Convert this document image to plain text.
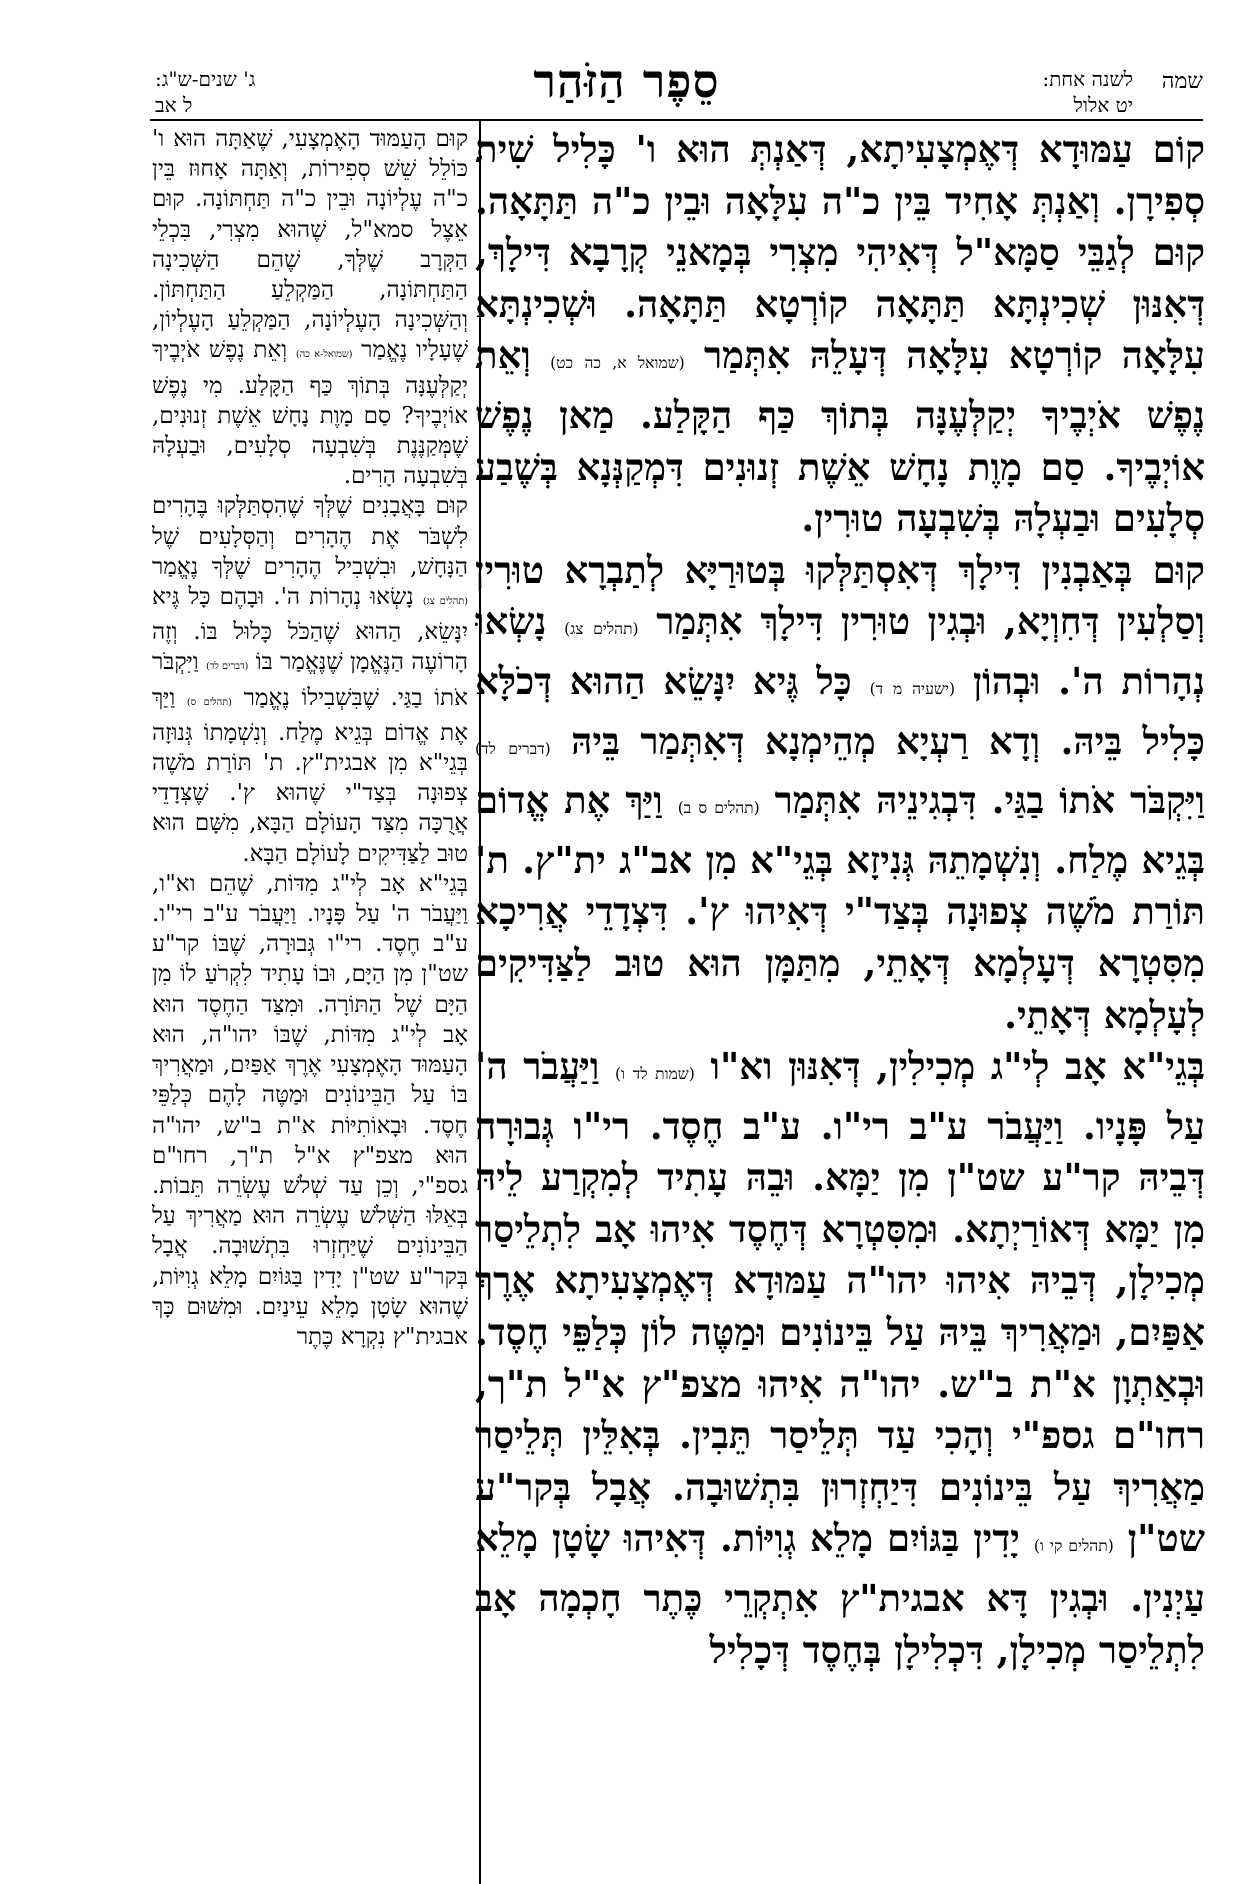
שמה
לשנה אחת:
יט אלול
סֵפֶר הַזֹּהַר
ג' שנים-ש"ג:
ל אב

קוֹם עַמּוּדָא דְּאֶמְצָעִיתָא, דְּאַנְתְּ הוּא ו' כָּלִיל שִׁית סְפִירָן. וְאַנְתְּ אָחִיד בֵּין כ"ה עִלָּאָה וּבֵין כ"ה תַּתָּאָה. קוּם לְגַבֵּי סַמָּא"ל דְּאִיהִי מִצְרִי בְּמָאנֵי קְרָבָא דִּילָךְ, דְּאִנּוּן שְׁכִינְתָּא תַּתָּאָה קוֹרְטָא תַּתָּאָה. וּשְׁכִינְתָּא עִלָּאָה קוֹרְטָא עִלָּאָה דְּעָלֵהּ אִתְּמַר (שמואל א, כה כט) וְאֵת נֶפֶשׁ אֹיְבֶיךָ יְקַלְּעֶנָּה בְּתוֹךְ כַּף הַקָּלַע. מַאן נֶפֶשׁ אוֹיְבֶיךָ. סַם מָוֶת נָחָשׁ אֵשֶׁת זְנוּנִים דִּמְקַנְּנָא בְּשֶׁבַע סְלָעִים וּבַעְלָהּ בְּשִׁבְעָה טוּרִין.

קוּם בְּאַבְנִין דִּילָךְ דְּאִסְתַּלְּקוּ בְּטוּרַיָּא לְתַבְרָא טוּרִין וְסַלְעִין דְּחִוְיָא, וּבְגִין טוּרִין דִּילָךְ אִתְּמַר (תהלים צג) נָשְׂאוּ נְהָרוֹת ה'. וּבְהוֹן (ישעיה מ ד) כָּל גֶּיא יִנָּשֵׂא הַהוּא דְּכֹלָּא כָּלִיל בֵּיהּ. וְדָא רַעְיָא מְהֵימְנָא דְּאִתְּמַר בֵּיהּ (דברים לד) וַיִּקְבֹּר אֹתוֹ בַגַּי. דִּבְגִינֵיהּ אִתְּמַר (תהלים ס ב) וַיַּךְ אֶת אֱדוֹם בְּגֵיא מֶלַח. וְנִשְׁמָתֵהּ גְּנִיזָא בְּגֵי"א מִן אב"ג ית"ץ. ת' תּוֹרַת מֹשֶׁה צְפוּנָה בְּצַד"י דְּאִיהוּ ץ'. דִּצְדָדֵי אֲרִיכָא מִסִּטְרָא דְּעָלְמָא דְּאָתֵי, מִתַּמָּן הוּא טוּב לַצַּדִּיקִים לְעָלְמָא דְּאָתֵי.

בְּגֵי"א אָב לְי"ג מְכִילִין, דְּאִנּוּן וא"ו (שמות לד ו) וַיַּעֲבֹר ה' עַל פָּנָיו. וַיַּעֲבֹר ע"ב רי"ו. ע"ב חֶסֶד. רי"ו גְּבוּרָה דְּבֵיהּ קר"ע שט"ן מִן יַמָּא. וּבֵהּ עָתִיד לְמִקְרַע לֵיהּ מִן יַמָּא דְּאוֹרַיְתָא. וּמִסִּטְרָא דְּחֶסֶד אִיהוּ אָב לִתְלֵיסַר מְכִילָן, דְּבֵיהּ אִיהוּ יהו"ה עַמּוּדָא דְּאֶמְצָעִיתָא אֶרֶךְ אַפַּיִם, וּמַאֲרִיךְ בֵּיהּ עַל בֵּינוֹנִים וּמַטֶּה לוֹן כְּלַפֵּי חֶסֶד. וּבְאַתְוָן א"ת ב"ש. יהו"ה אִיהוּ מצפ"ץ א"ל ת"ך, רחו"ם גספ"י וְהָכִי עַד תְּלֵיסַר תֵּבִין. בְּאִלֵּין תְּלֵיסַר מַאֲרִיךְ עַל בֵּינוֹנִים דִּיַחְזְרוּן בִּתְשׁוּבָה. אֲבָל בְּקר"ע שט"ן (תהלים קי ו) יָדִין בַּגּוֹיִם מָלֵא גְוִיּוֹת. דְּאִיהוּ שָׂטָן מָלֵא עַיְנִין. וּבְגִין דָּא אבגית"ץ אִתְקְרֵי כֶּתֶר חָכְמָה אָב לִתְלֵיסַר מְכִילָן, דִּכְלִילָן בְּחֶסֶד דְּכָלִיל

קוּם הָעַמּוּד הָאֶמְצָעִי, שֶׁאַתָּה הוּא ו' כּוֹלֵל שֵׁשׁ סְפִירוֹת, וְאַתָּה אָחוּז בֵּין כ"ה עֶלְיוֹנָה וּבֵין כ"ה תַּחְתּוֹנָה. קוּם אֵצֶל סמא"ל, שֶׁהוּא מִצְרִי, בִּכְלֵי הַקְּרָב שֶׁלְּךָ, שֶׁהֵם הַשְּׁכִינָה הַתַּחְתּוֹנָה, הַמַּקְלֵעַ הַתַּחְתּוֹן. וְהַשְּׁכִינָה הָעֶלְיוֹנָה, הַמַּקְלֵעַ הָעֶלְיוֹן, שֶׁעָלָיו נֶאֱמַר (שמואל-א כה) וְאֵת נֶפֶשׁ אֹיְבֶיךָ יְקַלְּעֶנָּה בְּתוֹךְ כַּף הַקָּלַע. מִי נֶפֶשׁ אוֹיְבֶיךָ? סַם מָוֶת נָחָשׁ אֵשֶׁת זְנוּנִים, שֶׁמְּקַנֶּנֶת בְּשִׁבְעָה סְלָעִים, וּבַעְלָהּ בְּשִׁבְעָה הָרִים.

קוּם בָּאֲבָנִים שֶׁלְּךָ שֶׁהִסְתַּלְּקוּ בֶּהָרִים לִשְׁבֹּר אֶת הֶהָרִים וְהַסְּלָעִים שֶׁל הַנָּחָשׁ, וּבִשְׁבִיל הֶהָרִים שֶׁלְּךָ נֶאֱמַר (תהלים צג) נָשְׂאוּ נְהָרוֹת ה'. וּבָהֶם כָּל גֶּיא יִנָּשֵׂא, הַהוּא שֶׁהַכֹּל כָּלוּל בּוֹ. וְזֶה הָרוֹעֶה הַנֶּאֱמָן שֶׁנֶּאֱמַר בּוֹ (דברים לד) וַיִּקְבֹּר אֹתוֹ בַגַּי. שֶׁבִּשְׁבִילוֹ נֶאֱמַר (תהלים ס) וַיַּךְ אֶת אֱדוֹם בְּגֵיא מֶלַח. וְנִשְׁמָתוֹ גְּנוּזָה בְּגֵי"א מִן אבגית"ץ. ת' תּוֹרַת מֹשֶׁה צְפוּנָה בְּצַד"י שֶׁהוּא ץ'. שֶׁצְּדָדֵי אֲרֻכָּה מִצַּד הָעוֹלָם הַבָּא, מִשָּׁם הוּא טוּב לַצַּדִּיקִים לָעוֹלָם הַבָּא.

בְּגֵי"א אָב לְי"ג מִדּוֹת, שֶׁהֵם וא"ו, וַיַּעֲבֹר ה' עַל פָּנָיו. וַיַּעֲבֹר ע"ב רי"ו. ע"ב חֶסֶד. רי"ו גְּבוּרָה, שֶׁבּוֹ קר"ע שט"ן מִן הַיָּם, וּבוֹ עָתִיד לִקְרֹעַ לוֹ מִן הַיָּם שֶׁל הַתּוֹרָה. וּמִצַּד הַחֶסֶד הוּא אָב לְי"ג מִדּוֹת, שֶׁבּוֹ יהו"ה, הוּא הָעַמּוּד הָאֶמְצָעִי אֶרֶךְ אַפַּיִם, וּמַאֲרִיךְ בּוֹ עַל הַבֵּינוֹנִים וּמַטֶּה לָהֶם כְּלַפֵּי חֶסֶד. וּבָאוֹתִיּוֹת א"ת ב"ש, יהו"ה הוּא מצפ"ץ א"ל ת"ך, רחו"ם גספ"י, וְכֵן עַד שְׁלֹשׁ עֶשְׂרֵה תֵּבוֹת. בְּאֵלּוּ הַשְּׁלֹשׁ עֶשְׂרֵה הוּא מַאֲרִיךְ עַל הַבֵּינוֹנִים שֶׁיַּחְזְרוּ בִּתְשׁוּבָה. אֲבָל בְּקר"ע שט"ן יָדִין בַּגּוֹיִם מָלֵא גְוִיּוֹת, שֶׁהוּא שָׂטָן מָלֵא עֵינַיִם. וּמִשּׁוּם כָּךְ אבגית"ץ נִקְרָא כֶּתֶר
